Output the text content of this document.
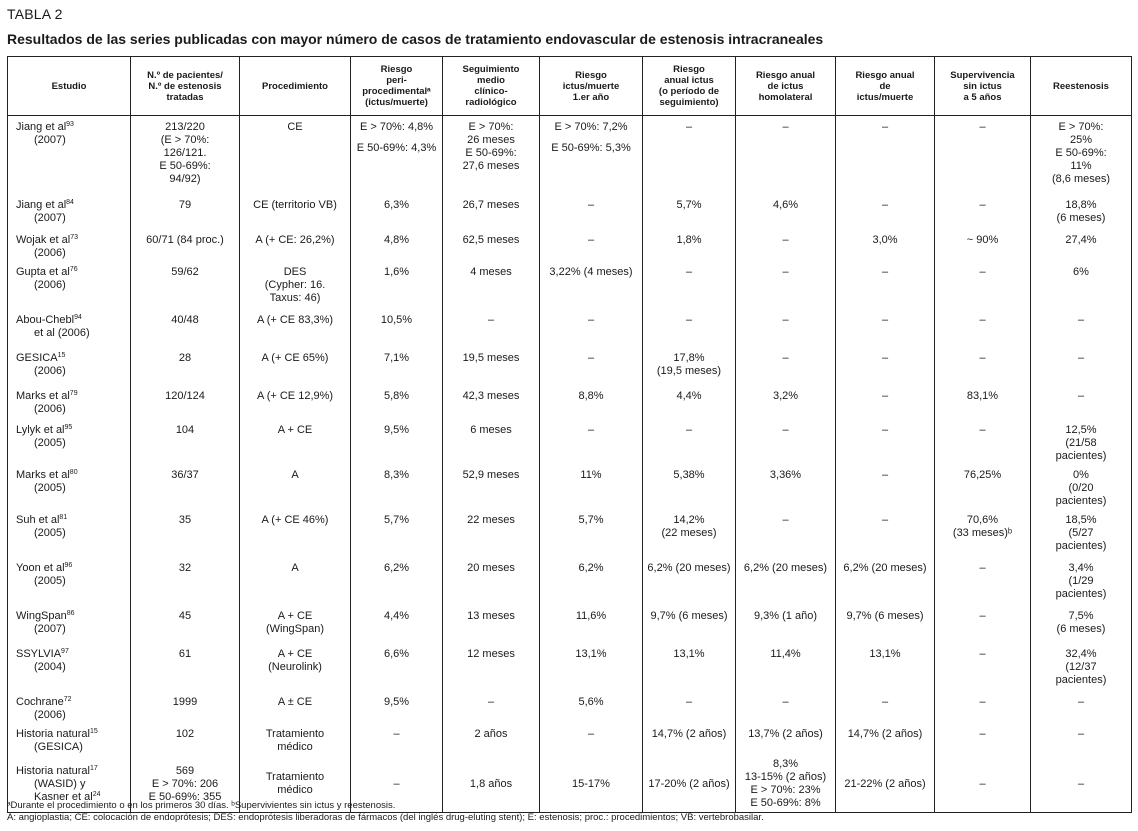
TABLA 2
Resultados de las series publicadas con mayor número de casos de tratamiento endovascular de estenosis intracraneales
Estudio	N.º de pacientes/
N.º de estenosis
tratadas	Procedimiento	Riesgo
peri-
procedimentalᵃ
(ictus/muerte)	Seguimiento
medio
clínico-
radiológico	Riesgo
ictus/muerte
1.er año	Riesgo
anual ictus
(o período de
seguimiento)	Riesgo anual
de ictus
homolateral	Riesgo anual
de
ictus/muerte	Supervivencia
sin ictus
a 5 años	Reestenosis

Jiang et $al^{93}$
(2007)	213/220
(E > 70%:
126/121.
E 50-69%:
94/92)	CE	E > 70%: 4,8%
E 50-69%: 4,3%	E > 70%:
26 meses
E 50-69%:
27,6 meses	E > 70%: 7,2%
E 50-69%: 5,3%	–	–	–	–	E > 70%:
25%
E 50-69%:
11%
(8,6 meses)

Jiang et $al^{84}$
(2007)	79	CE (territorio VB)	6,3%	26,7 meses	–	5,7%	4,6%	–	–	18,8%
(6 meses)

Wojak et $al^{73}$
(2006)	60/71 (84 proc.)	A (+ CE: 26,2%)	4,8%	62,5 meses	–	1,8%	–	3,0%	~ 90%	27,4%

Gupta et $al^{76}$
(2006)	59/62	DES
(Cypher: 16.
Taxus: 46)	1,6%	4 meses	3,22% (4 meses)	–	–	–	–	6%

Abou-Chebl$^{94}$
et al (2006)	40/48	A (+ CE 83,3%)	10,5%	–	–	–	–	–	–	–

GESICA$^{15}$
(2006)	28	A (+ CE 65%)	7,1%	19,5 meses	–	17,8%
(19,5 meses)	–	–	–	–

Marks et $al^{79}$
(2006)	120/124	A (+ CE 12,9%)	5,8%	42,3 meses	8,8%	4,4%	3,2%	–	83,1%	–

Lylyk et $al^{95}$
(2005)	104	A + CE	9,5%	6 meses	–	–	–	–	–	12,5%
(21/58
pacientes)

Marks et $al^{80}$
(2005)	36/37	A	8,3%	52,9 meses	11%	5,38%	3,36%	–	76,25%	0%
(0/20
pacientes)

Suh et $al^{81}$
(2005)	35	A (+ CE 46%)	5,7%	22 meses	5,7%	14,2%
(22 meses)	–	–	70,6%
(33 meses)ᵇ	18,5%
(5/27
pacientes)

Yoon et $al^{96}$
(2005)	32	A	6,2%	20 meses	6,2%	6,2% (20 meses)	6,2% (20 meses)	6,2% (20 meses)	–	3,4%
(1/29
pacientes)

WingSpan$^{86}$
(2007)	45	A + CE
(WingSpan)	4,4%	13 meses	11,6%	9,7% (6 meses)	9,3% (1 año)	9,7% (6 meses)	–	7,5%
(6 meses)

SSYLVIA$^{97}$
(2004)	61	A + CE
(Neurolink)	6,6%	12 meses	13,1%	13,1%	11,4%	13,1%	–	32,4%
(12/37
pacientes)

Cochrane$^{72}$
(2006)	1999	A ± CE	9,5%	–	5,6%	–	–	–	–	–

Historia natural$^{15}$
(GESICA)	102	Tratamiento
médico	–	2 años	–	14,7% (2 años)	13,7% (2 años)	14,7% (2 años)	–	–

Historia natural$^{17}$
(WASID) y
Kasner et $al^{24}$	569
E > 70%: 206
E 50-69%: 355	Tratamiento
médico	–	1,8 años	15-17%	17-20% (2 años)	8,3%
13-15% (2 años)
E > 70%: 23%
E 50-69%: 8%	21-22% (2 años)	–	–
ᵃDurante el procedimiento o en los primeros 30 días. ᵇSupervivientes sin ictus y reestenosis.
A: angioplastia; CE: colocación de endoprótesis; DES: endoprótesis liberadoras de fármacos (del inglés drug-eluting stent); E: estenosis; proc.: procedimientos; VB: vertebrobasilar.
